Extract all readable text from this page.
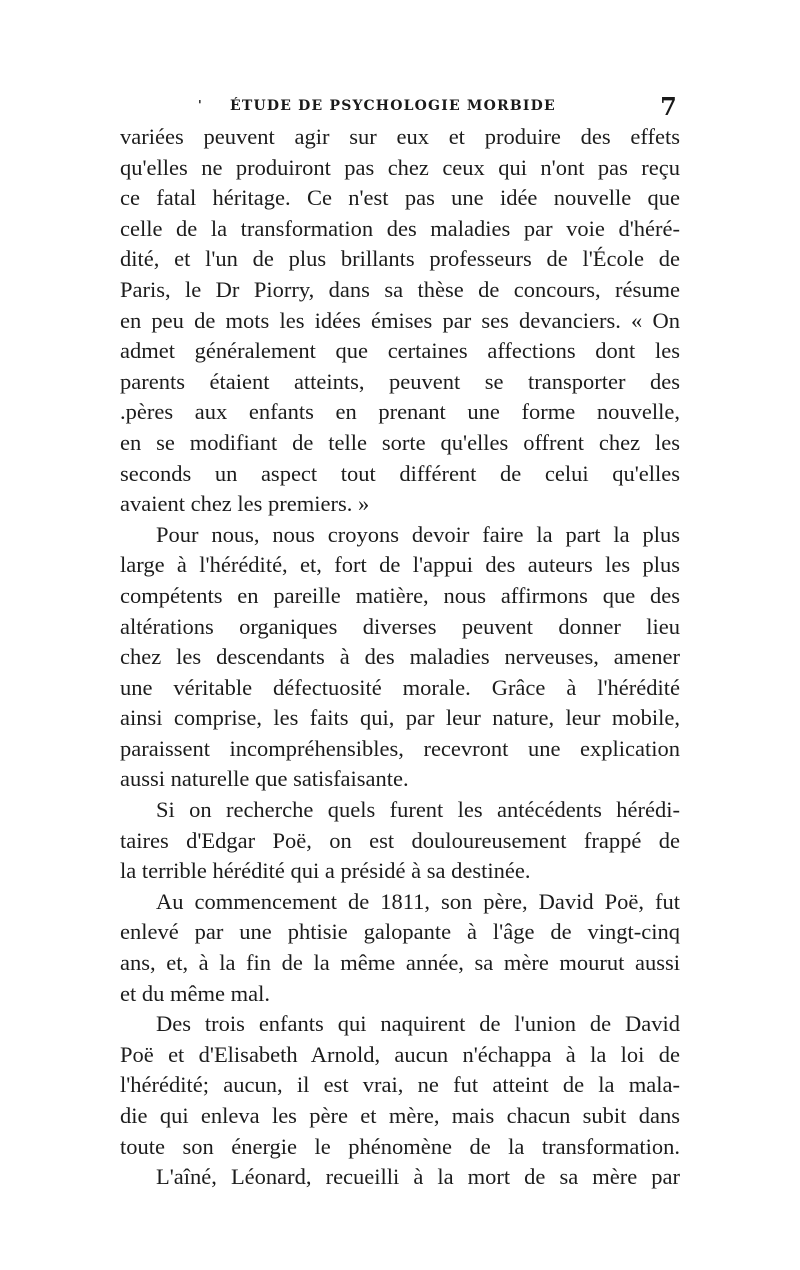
' ÉTUDE DE PSYCHOLOGIE MORBIDE	7
variées peuvent agir sur eux et produire des effets
qu'elles ne produiront pas chez ceux qui n'ont pas reçu
ce fatal héritage. Ce n'est pas une idée nouvelle que
celle de la transformation des maladies par voie d'héré-
dité, et l'un de plus brillants professeurs de l'École de
Paris, le Dr Piorry, dans sa thèse de concours, résume
en peu de mots les idées émises par ses devanciers. « On
admet généralement que certaines affections dont les
parents étaient atteints, peuvent se transporter des
.pères aux enfants en prenant une forme nouvelle,
en se modifiant de telle sorte qu'elles offrent chez les
seconds un aspect tout différent de celui qu'elles
avaient chez les premiers. »
Pour nous, nous croyons devoir faire la part la plus
large à l'hérédité, et, fort de l'appui des auteurs les plus
compétents en pareille matière, nous affirmons que des
altérations organiques diverses peuvent donner lieu
chez les descendants à des maladies nerveuses, amener
une véritable défectuosité morale. Grâce à l'hérédité
ainsi comprise, les faits qui, par leur nature, leur mobile,
paraissent incompréhensibles, recevront une explication
aussi naturelle que satisfaisante.
Si on recherche quels furent les antécédents hérédi-
taires d'Edgar Poë, on est douloureusement frappé de
la terrible hérédité qui a présidé à sa destinée.
Au commencement de 1811, son père, David Poë, fut
enlevé par une phtisie galopante à l'âge de vingt-cinq
ans, et, à la fin de la même année, sa mère mourut aussi
et du même mal.
Des trois enfants qui naquirent de l'union de David
Poë et d'Elisabeth Arnold, aucun n'échappa à la loi de
l'hérédité; aucun, il est vrai, ne fut atteint de la mala-
die qui enleva les père et mère, mais chacun subit dans
toute son énergie le phénomène de la transformation.
L'aîné, Léonard, recueilli à la mort de sa mère par
